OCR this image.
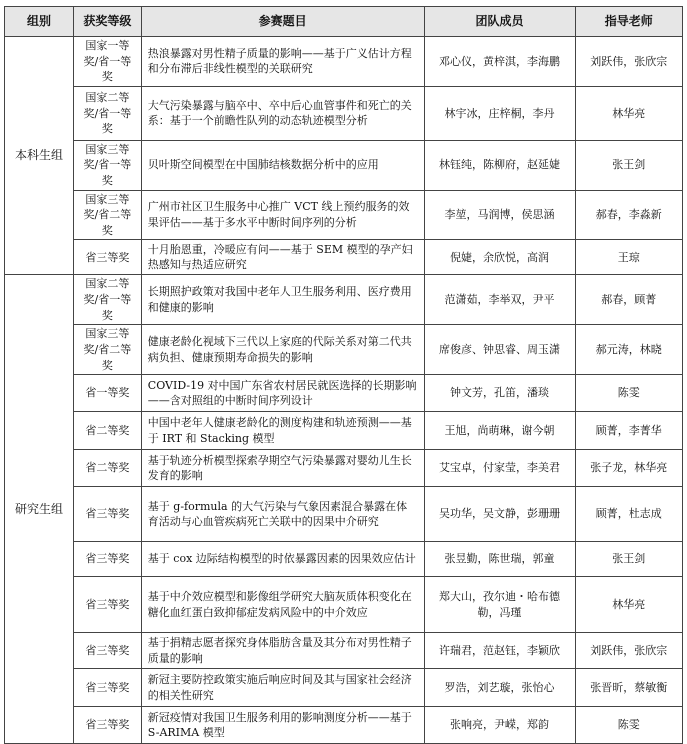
组别	获奖等级	参赛题目	团队成员	指导老师
本科生组	国家一等奖/省一等奖	热浪暴露对男性精子质量的影响——基于广义估计方程和分布滞后非线性模型的关联研究	邓心仪，黄梓淇，李海鹏	刘跃伟，张欣宗
	国家二等奖/省一等奖	大气污染暴露与脑卒中、卒中后心血管事件和死亡的关系：基于一个前瞻性队列的动态轨迹模型分析	林宇冰，庄梓桐，李丹	林华亮
	国家三等奖/省一等奖	贝叶斯空间模型在中国肺结核数据分析中的应用	林钰纯，陈柳府，赵延婕	张王剑
	国家三等奖/省二等奖	广州市社区卫生服务中心推广 VCT 线上预约服务的效果评估——基于多水平中断时间序列的分析	李堃，马润博，侯思涵	郝春，李淼新
	省三等奖	十月胎恩重，冷暖应有问——基于 SEM 模型的孕产妇热感知与热适应研究	倪婕，余欣悦，高润	王琼
研究生组	国家二等奖/省一等奖	长期照护政策对我国中老年人卫生服务利用、医疗费用和健康的影响	范潇茹，李举双，尹平	郝春，顾菁
	国家三等奖/省二等奖	健康老龄化视域下三代以上家庭的代际关系对第二代共病负担、健康预期寿命损失的影响	席俊彦、钟思睿、周玉潇	郝元涛，林晓
	省一等奖	COVID-19 对中国广东省农村居民就医选择的长期影响——含对照组的中断时间序列设计	钟文芳，孔笛，潘琰	陈雯
	省二等奖	中国中老年人健康老龄化的测度构建和轨迹预测——基于 IRT 和 Stacking 模型	王旭，尚萌琳，谢今朝	顾菁，李菁华
	省二等奖	基于轨迹分析模型探索孕期空气污染暴露对婴幼儿生长发育的影响	艾宝卓，付家莹，李美君	张子龙，林华亮
	省三等奖	基于 g-formula 的大气污染与气象因素混合暴露在体育活动与心血管疾病死亡关联中的因果中介研究	吴功华，吴文静，彭珊珊	顾菁，杜志成
	省三等奖	基于 cox 边际结构模型的时依暴露因素的因果效应估计	张昱勤，陈世瑞，郭童	张王剑
	省三等奖	基于中介效应模型和影像组学研究大脑灰质体积变化在糖化血红蛋白致抑郁症发病风险中的中介效应	郑大山，孜尔迪・哈布德勒，冯瑾	林华亮
	省三等奖	基于捐精志愿者探究身体脂肪含量及其分布对男性精子质量的影响	许瑞君，范赵钰，李颖欣	刘跃伟，张欣宗
	省三等奖	新冠主要防控政策实施后响应时间及其与国家社会经济的相关性研究	罗浩，刘艺璇，张怡心	张晋昕，蔡敏衡
	省三等奖	新冠疫情对我国卫生服务利用的影响测度分析——基于 S-ARIMA 模型	张响亮，尹嵘，郑韵	陈雯
